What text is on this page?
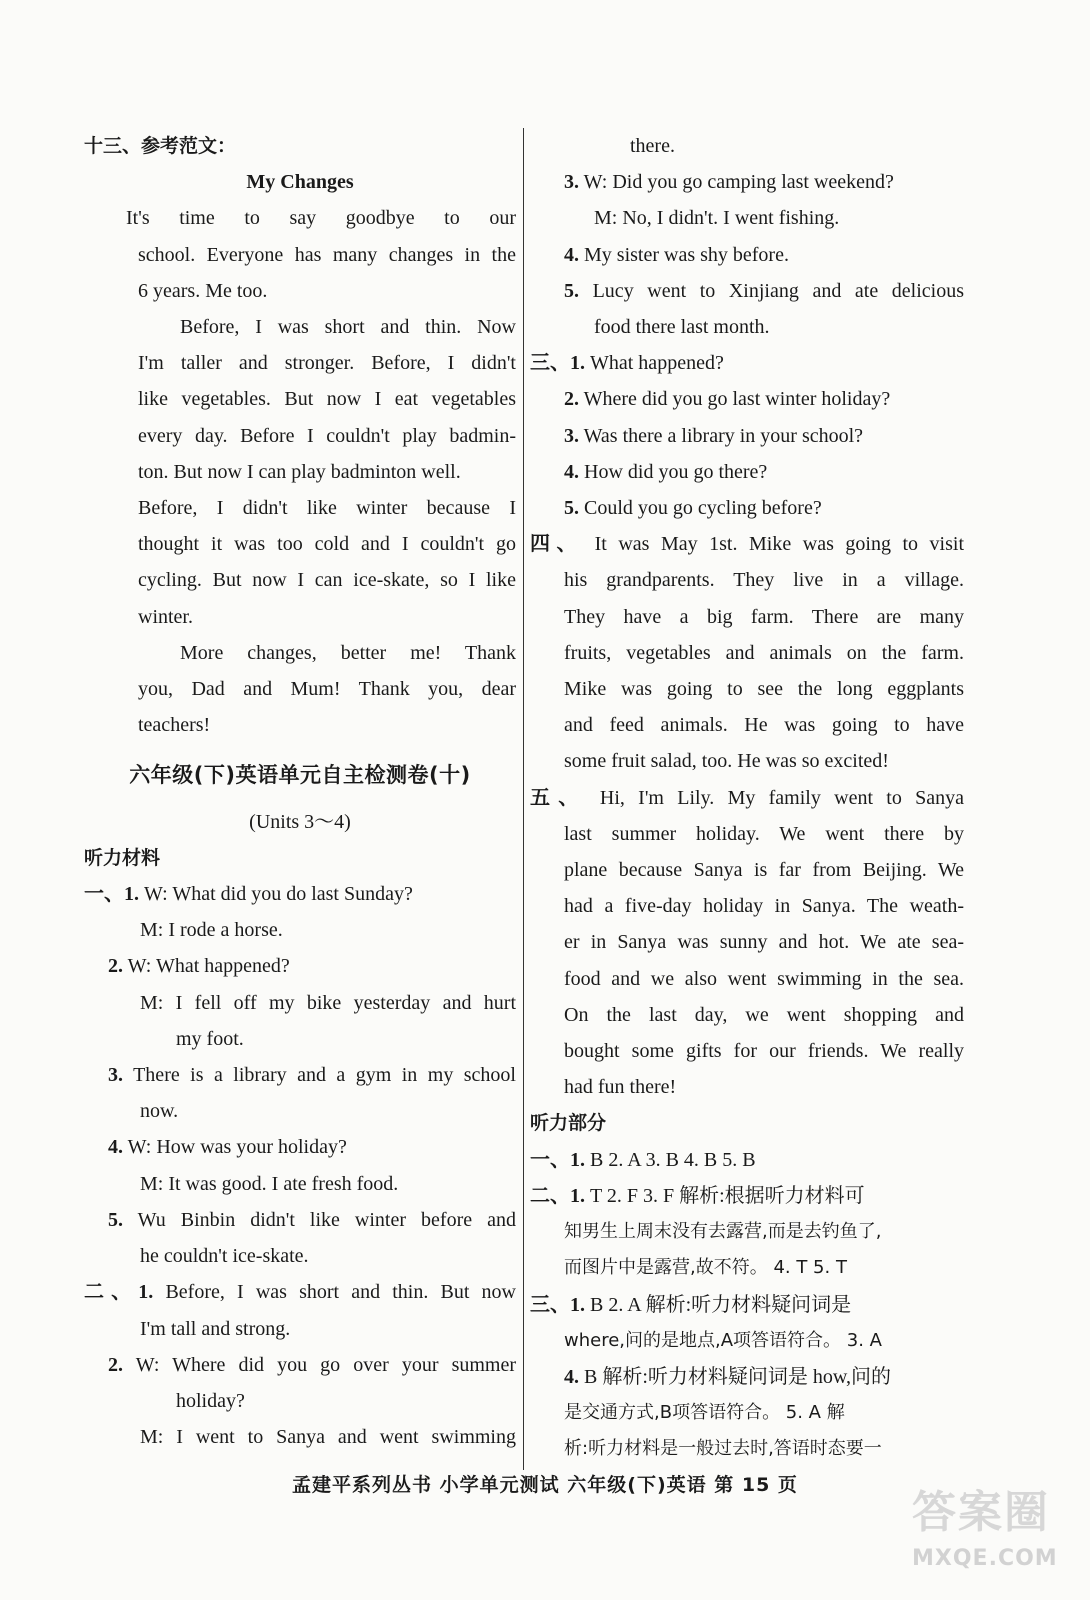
十三、参考范文：
My Changes
It's time to say goodbye to our
school. Everyone has many changes in the
6 years. Me too.
Before, I was short and thin. Now
I'm taller and stronger. Before, I didn't
like vegetables. But now I eat vegetables
every day. Before I couldn't play badmin-
ton. But now I can play badminton well.
Before, I didn't like winter because I
thought it was too cold and I couldn't go
cycling. But now I can ice-skate, so I like
winter.
More changes, better me! Thank
you, Dad and Mum! Thank you, dear
teachers!
六年级(下)英语单元自主检测卷(十)
(Units 3～4)
听力材料
一、1. W: What did you do last Sunday?
M: I rode a horse.
2. W: What happened?
M: I fell off my bike yesterday and hurt
my foot.
3. There is a library and a gym in my school
now.
4. W: How was your holiday?
M: It was good. I ate fresh food.
5. Wu Binbin didn't like winter before and
he couldn't ice-skate.
二、1. Before, I was short and thin. But now
I'm tall and strong.
2. W: Where did you go over your summer
holiday?
M: I went to Sanya and went swimming
there.
3. W: Did you go camping last weekend?
M: No, I didn't. I went fishing.
4. My sister was shy before.
5. Lucy went to Xinjiang and ate delicious
food there last month.
三、1. What happened?
2. Where did you go last winter holiday?
3. Was there a library in your school?
4. How did you go there?
5. Could you go cycling before?
四、 It was May 1st. Mike was going to visit
his grandparents. They live in a village.
They have a big farm. There are many
fruits, vegetables and animals on the farm.
Mike was going to see the long eggplants
and feed animals. He was going to have
some fruit salad, too. He was so excited!
五、 Hi, I'm Lily. My family went to Sanya
last summer holiday. We went there by
plane because Sanya is far from Beijing. We
had a five-day holiday in Sanya. The weath-
er in Sanya was sunny and hot. We ate sea-
food and we also went swimming in the sea.
On the last day, we went shopping and
bought some gifts for our friends. We really
had fun there!
听力部分
一、1. B 2. A 3. B 4. B 5. B
二、1. T 2. F 3. F 解析:根据听力材料可
知男生上周末没有去露营,而是去钓鱼了,
而图片中是露营,故不符。 4. T 5. T
三、1. B 2. A 解析:听力材料疑问词是
where,问的是地点,A项答语符合。 3. A
4. B 解析:听力材料疑问词是 how,问的
是交通方式,B项答语符合。 5. A 解
析:听力材料是一般过去时,答语时态要一
孟建平系列丛书 小学单元测试 六年级(下)英语 第 15 页
答案圈
MXQE.COM
